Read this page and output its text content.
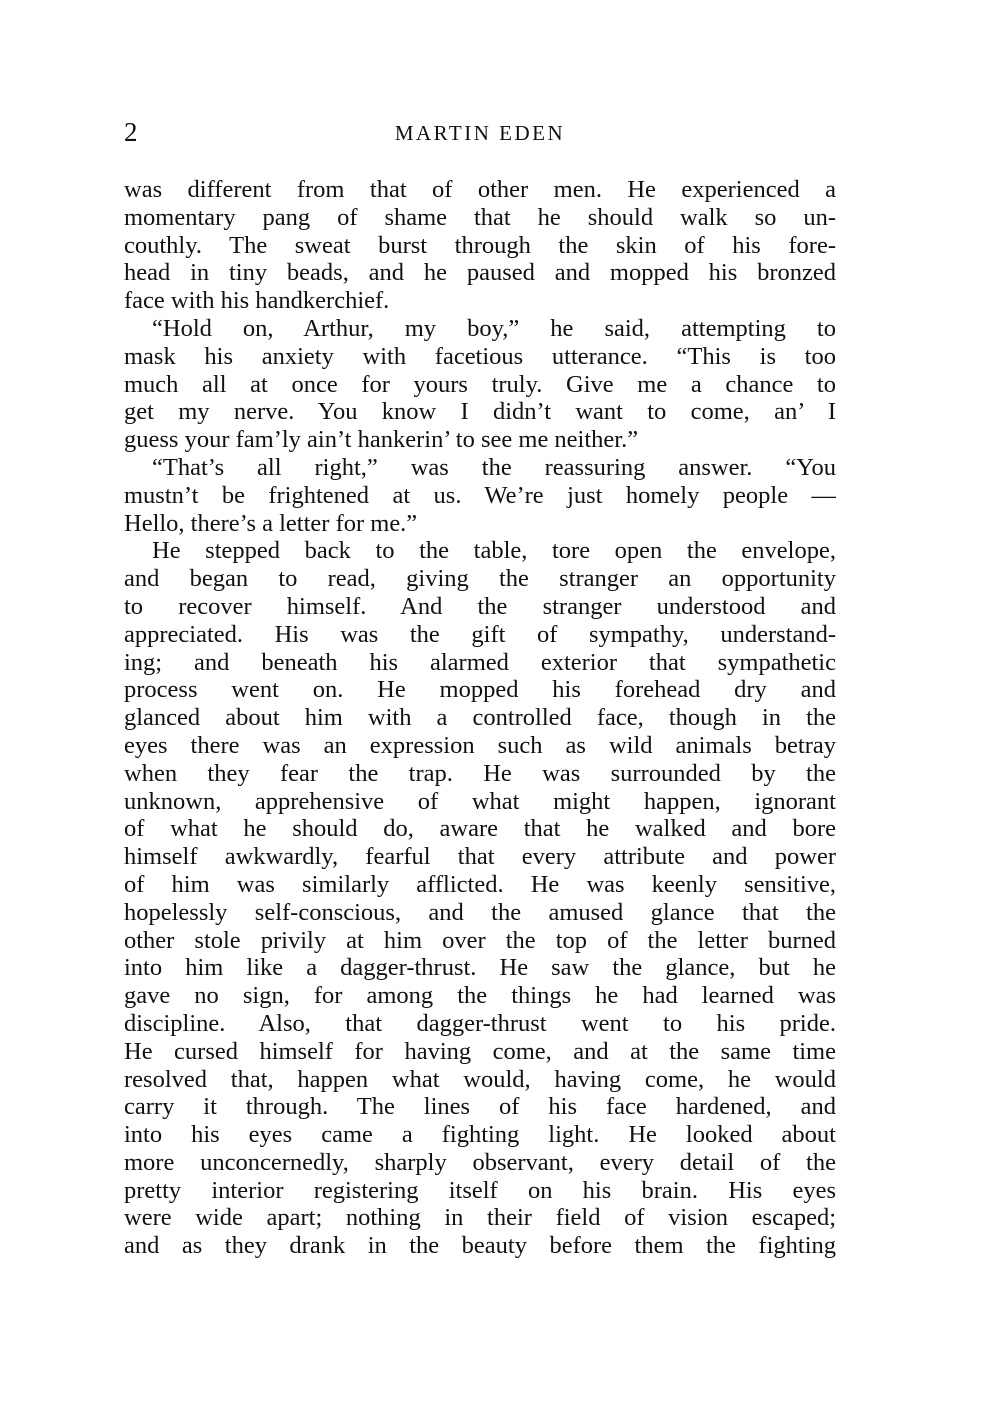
2	MARTIN EDEN
was different from that of other men. He experienced a
momentary pang of shame that he should walk so un-
couthly. The sweat burst through the skin of his fore-
head in tiny beads, and he paused and mopped his bronzed
face with his handkerchief.
“Hold on, Arthur, my boy,” he said, attempting to
mask his anxiety with facetious utterance. “This is too
much all at once for yours truly. Give me a chance to
get my nerve. You know I didn’t want to come, an’ I
guess your fam’ly ain’t hankerin’ to see me neither.”
“That’s all right,” was the reassuring answer. “You
mustn’t be frightened at us. We’re just homely people —
Hello, there’s a letter for me.”
He stepped back to the table, tore open the envelope,
and began to read, giving the stranger an opportunity
to recover himself. And the stranger understood and
appreciated. His was the gift of sympathy, understand-
ing; and beneath his alarmed exterior that sympathetic
process went on. He mopped his forehead dry and
glanced about him with a controlled face, though in the
eyes there was an expression such as wild animals betray
when they fear the trap. He was surrounded by the
unknown, apprehensive of what might happen, ignorant
of what he should do, aware that he walked and bore
himself awkwardly, fearful that every attribute and power
of him was similarly afflicted. He was keenly sensitive,
hopelessly self-conscious, and the amused glance that the
other stole privily at him over the top of the letter burned
into him like a dagger-thrust. He saw the glance, but he
gave no sign, for among the things he had learned was
discipline. Also, that dagger-thrust went to his pride.
He cursed himself for having come, and at the same time
resolved that, happen what would, having come, he would
carry it through. The lines of his face hardened, and
into his eyes came a fighting light. He looked about
more unconcernedly, sharply observant, every detail of the
pretty interior registering itself on his brain. His eyes
were wide apart; nothing in their field of vision escaped;
and as they drank in the beauty before them the fighting
